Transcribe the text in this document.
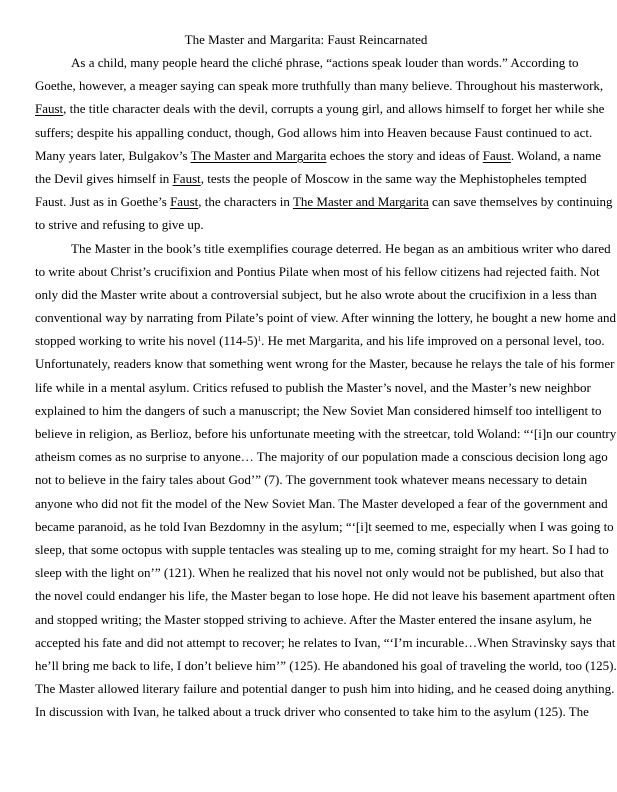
The Master and Margarita: Faust Reincarnated
As a child, many people heard the cliché phrase, “actions speak louder than words.” According to
Goethe, however, a meager saying can speak more truthfully than many believe. Throughout his masterwork,
Faust, the title character deals with the devil, corrupts a young girl, and allows himself to forget her while she
suffers; despite his appalling conduct, though, God allows him into Heaven because Faust continued to act.
Many years later, Bulgakov’s The Master and Margarita echoes the story and ideas of Faust. Woland, a name
the Devil gives himself in Faust, tests the people of Moscow in the same way the Mephistopheles tempted
Faust. Just as in Goethe’s Faust, the characters in The Master and Margarita can save themselves by continuing
to strive and refusing to give up.
The Master in the book’s title exemplifies courage deterred. He began as an ambitious writer who dared
to write about Christ’s crucifixion and Pontius Pilate when most of his fellow citizens had rejected faith. Not
only did the Master write about a controversial subject, but he also wrote about the crucifixion in a less than
conventional way by narrating from Pilate’s point of view. After winning the lottery, he bought a new home and
stopped working to write his novel $(114-5)^1$. He met Margarita, and his life improved on a personal level, too.
Unfortunately, readers know that something went wrong for the Master, because he relays the tale of his former
life while in a mental asylum. Critics refused to publish the Master’s novel, and the Master’s new neighbor
explained to him the dangers of such a manuscript; the New Soviet Man considered himself too intelligent to
believe in religion, as Berlioz, before his unfortunate meeting with the streetcar, told Woland: “‘[i]n our country
atheism comes as no surprise to anyone… The majority of our population made a conscious decision long ago
not to believe in the fairy tales about God’” (7). The government took whatever means necessary to detain
anyone who did not fit the model of the New Soviet Man. The Master developed a fear of the government and
became paranoid, as he told Ivan Bezdomny in the asylum; “‘[i]t seemed to me, especially when I was going to
sleep, that some octopus with supple tentacles was stealing up to me, coming straight for my heart. So I had to
sleep with the light on’” (121). When he realized that his novel not only would not be published, but also that
the novel could endanger his life, the Master began to lose hope. He did not leave his basement apartment often
and stopped writing; the Master stopped striving to achieve. After the Master entered the insane asylum, he
accepted his fate and did not attempt to recover; he relates to Ivan, “‘I’m incurable…When Stravinsky says that
he’ll bring me back to life, I don’t believe him’” (125). He abandoned his goal of traveling the world, too (125).
The Master allowed literary failure and potential danger to push him into hiding, and he ceased doing anything.
In discussion with Ivan, he talked about a truck driver who consented to take him to the asylum (125). The
